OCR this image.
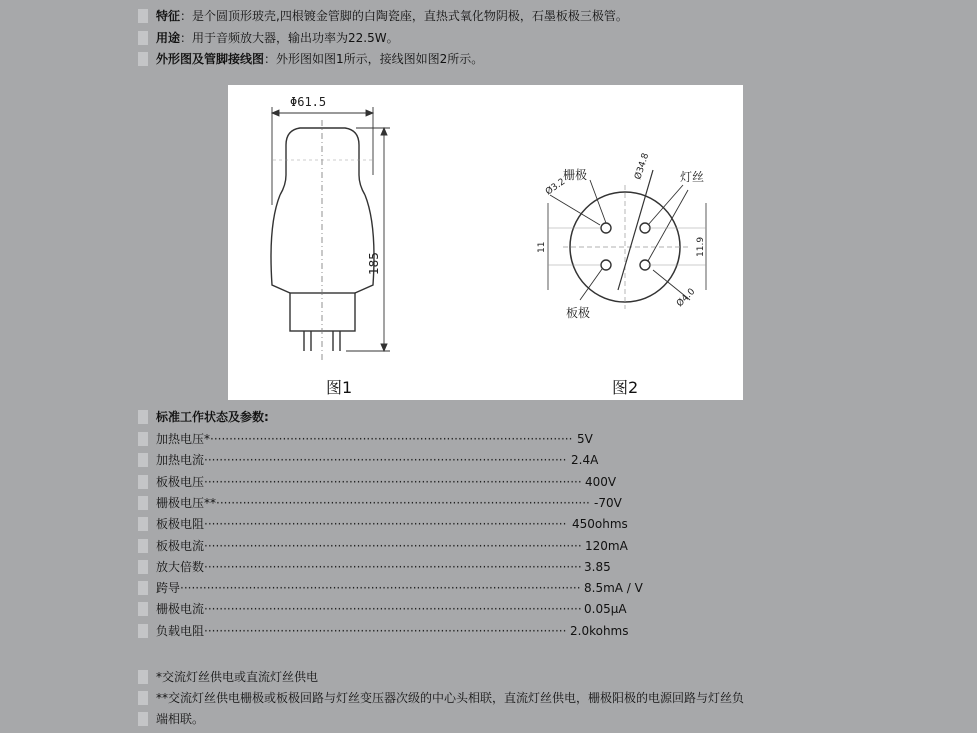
特征：是个圆顶形玻壳,四根镀金管脚的白陶瓷座，直热式氧化物阴极，石墨板极三极管。
用途：用于音频放大器，输出功率为22.5W。
外形图及管脚接线图：外形图如图1所示，接线图如图2所示。
Φ61.5
185
栅极	灯丝
板极
Ø34.8
Ø3.2
Ø4.0
11	11.9
图1	图2
标准工作状态及参数:
加热电压*······························································································· 5V
加热电流······························································································· 2.4A
板极电压··································································································· 400V
栅极电压**·································································································· -70V
板极电阻······························································································· 450ohms
板极电流··································································································· 120mA
放大倍数··································································································· 3.85
跨导········································································································· 8.5mA / V
栅极电流··································································································· 0.05μA
负载电阻······························································································· 2.0kohms
*交流灯丝供电或直流灯丝供电
**交流灯丝供电栅极或板极回路与灯丝变压器次级的中心头相联，直流灯丝供电，栅极阳极的电源回路与灯丝负
端相联。
